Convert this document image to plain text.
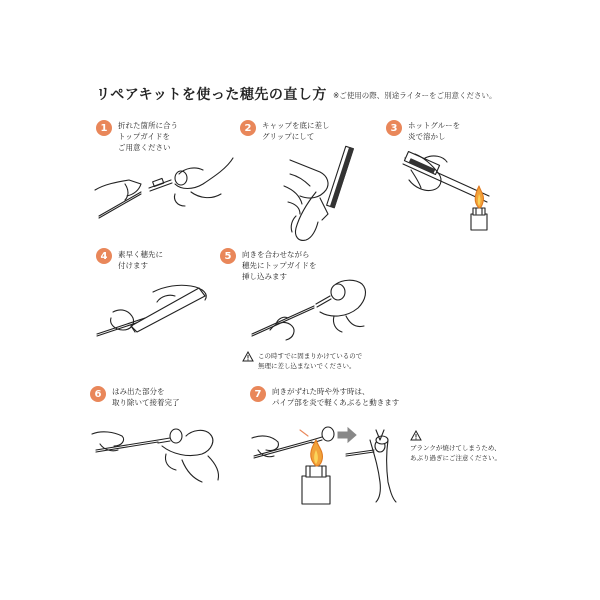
リペアキットを使った穂先の直し方 ※ご使用の際、別途ライターをご用意ください。
1	折れた箇所に合う
トップガイドを
ご用意ください
2	キャップを底に差し
グリップにして
3	ホットグルーを
炎で溶かし
4	素早く穂先に
付けます
5	向きを合わせながら
穂先にトップガイドを
挿し込みます
この時すでに固まりかけているので
無理に差し込まないでください。
6	はみ出た部分を
取り除いて接着完了
7	向きがずれた時や外す時は、
パイプ部を炎で軽くあぶると動きます
ブランクが焼けてしまうため、
あぶり過ぎにご注意ください。
